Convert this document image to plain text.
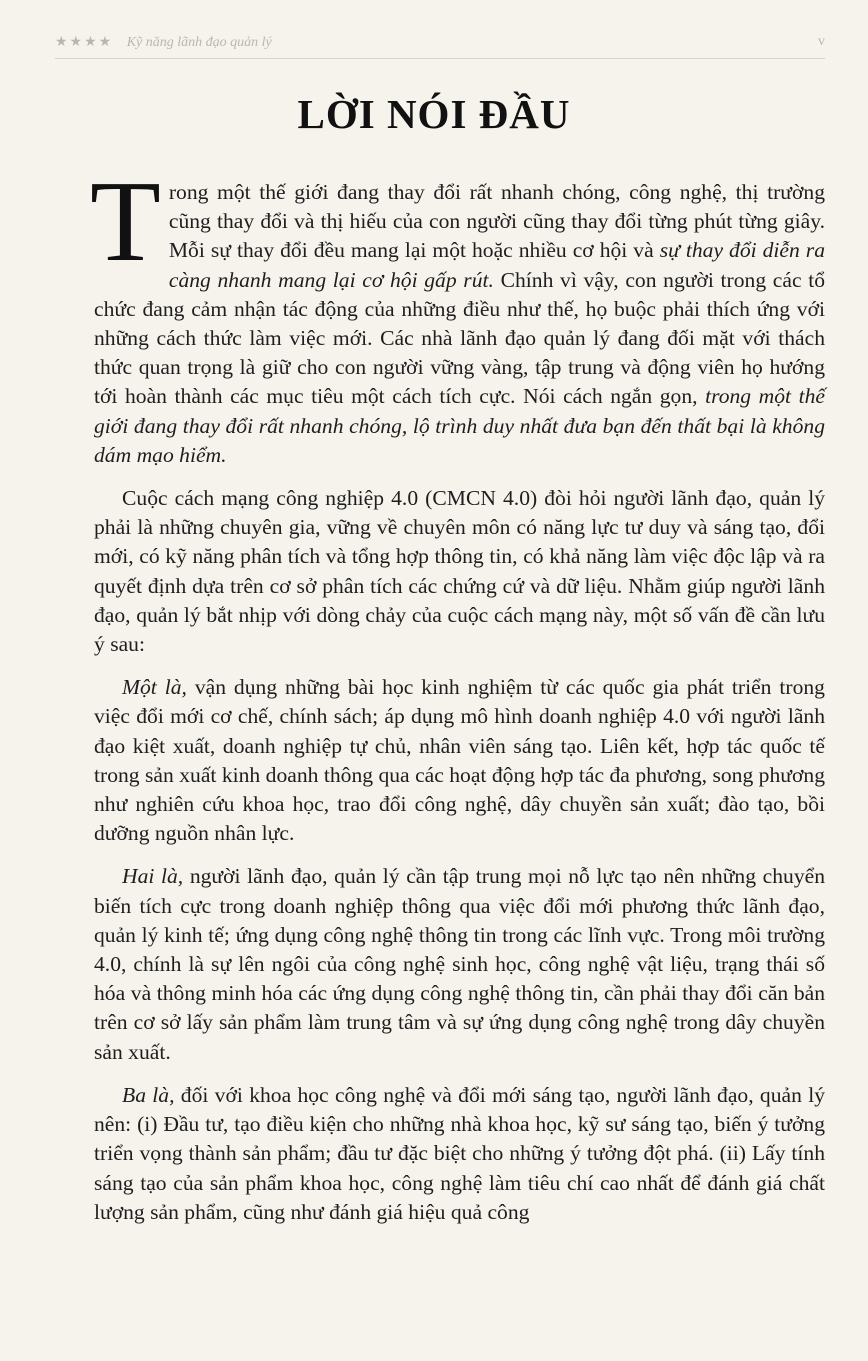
★★★★ Kỹ năng lãnh đạo quản lý	v
LỜI NÓI ĐẦU

Trong một thế giới đang thay đổi rất nhanh chóng, công nghệ, thị trường cũng thay đổi và thị hiếu của con người cũng thay đổi từng phút từng giây. Mỗi sự thay đổi đều mang lại một hoặc nhiều cơ hội và sự thay đổi diễn ra càng nhanh mang lại cơ hội gấp rút. Chính vì vậy, con người trong các tổ chức đang cảm nhận tác động của những điều như thế, họ buộc phải thích ứng với những cách thức làm việc mới. Các nhà lãnh đạo quản lý đang đối mặt với thách thức quan trọng là giữ cho con người vững vàng, tập trung và động viên họ hướng tới hoàn thành các mục tiêu một cách tích cực. Nói cách ngắn gọn, trong một thế giới đang thay đổi rất nhanh chóng, lộ trình duy nhất đưa bạn đến thất bại là không dám mạo hiểm.

Cuộc cách mạng công nghiệp 4.0 (CMCN 4.0) đòi hỏi người lãnh đạo, quản lý phải là những chuyên gia, vững về chuyên môn có năng lực tư duy và sáng tạo, đổi mới, có kỹ năng phân tích và tổng hợp thông tin, có khả năng làm việc độc lập và ra quyết định dựa trên cơ sở phân tích các chứng cứ và dữ liệu. Nhằm giúp người lãnh đạo, quản lý bắt nhịp với dòng chảy của cuộc cách mạng này, một số vấn đề cần lưu ý sau:

Một là, vận dụng những bài học kinh nghiệm từ các quốc gia phát triển trong việc đổi mới cơ chế, chính sách; áp dụng mô hình doanh nghiệp 4.0 với người lãnh đạo kiệt xuất, doanh nghiệp tự chủ, nhân viên sáng tạo. Liên kết, hợp tác quốc tế trong sản xuất kinh doanh thông qua các hoạt động hợp tác đa phương, song phương như nghiên cứu khoa học, trao đổi công nghệ, dây chuyền sản xuất; đào tạo, bồi dưỡng nguồn nhân lực.

Hai là, người lãnh đạo, quản lý cần tập trung mọi nỗ lực tạo nên những chuyển biến tích cực trong doanh nghiệp thông qua việc đổi mới phương thức lãnh đạo, quản lý kinh tế; ứng dụng công nghệ thông tin trong các lĩnh vực. Trong môi trường 4.0, chính là sự lên ngôi của công nghệ sinh học, công nghệ vật liệu, trạng thái số hóa và thông minh hóa các ứng dụng công nghệ thông tin, cần phải thay đổi căn bản trên cơ sở lấy sản phẩm làm trung tâm và sự ứng dụng công nghệ trong dây chuyền sản xuất.

Ba là, đối với khoa học công nghệ và đổi mới sáng tạo, người lãnh đạo, quản lý nên: (i) Đầu tư, tạo điều kiện cho những nhà khoa học, kỹ sư sáng tạo, biến ý tưởng triển vọng thành sản phẩm; đầu tư đặc biệt cho những ý tưởng đột phá. (ii) Lấy tính sáng tạo của sản phẩm khoa học, công nghệ làm tiêu chí cao nhất để đánh giá chất lượng sản phẩm, cũng như đánh giá hiệu quả công
